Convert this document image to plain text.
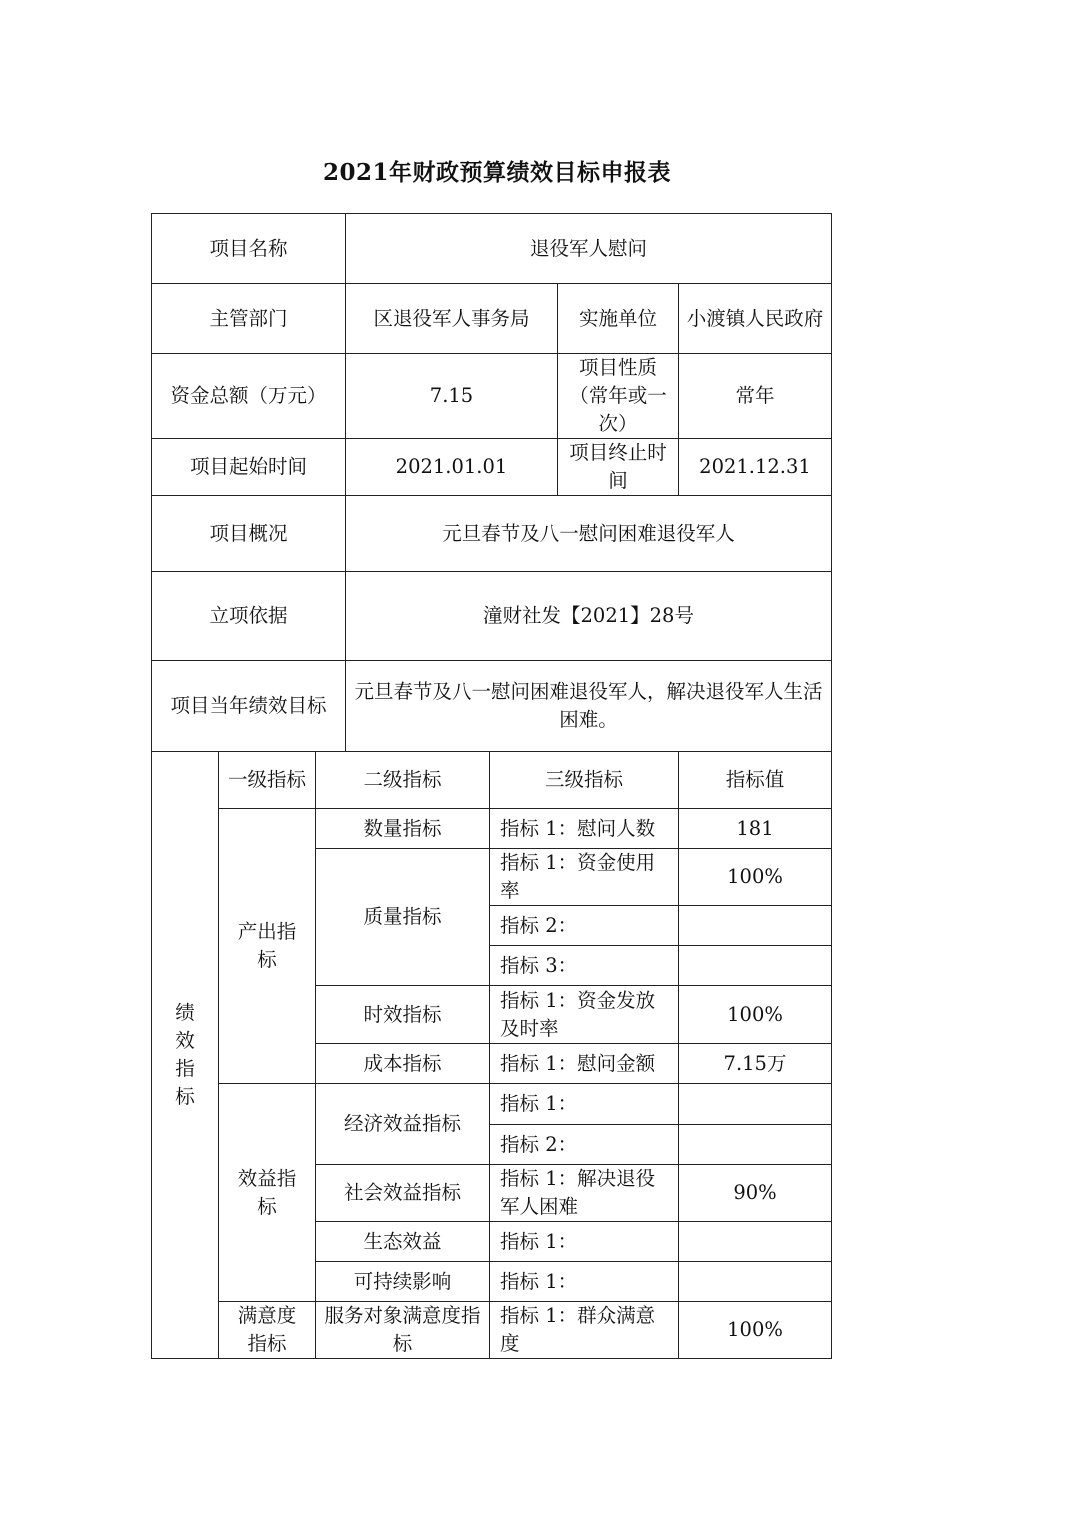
2021年财政预算绩效目标申报表
项目名称			退役军人慰问			
主管部门			区退役军人事务局		实施单位	小渡镇人民政府
资金总额（万元）			7.15		项目性质（常年或一次）	常年
项目起始时间			2021.01.01		项目终止时间	2021.12.31
项目概况			元旦春节及八一慰问困难退役军人			
立项依据			潼财社发【2021】28号			
项目当年绩效目标			元旦春节及八一慰问困难退役军人，解决退役军人生活困难。			
绩效指标	一级指标	二级指标		三级指标		指标值
	产出指标	数量指标		指标 1：慰问人数		181
		质量指标		指标 1：资金使用率		100%
				指标 2：		
				指标 3：		
		时效指标		指标 1：资金发放及时率		100%
		成本指标		指标 1：慰问金额		7.15万
	效益指标	经济效益指标		指标 1：		
				指标 2：		
		社会效益指标		指标 1：解决退役军人困难		90%
		生态效益		指标 1：		
		可持续影响		指标 1：		
	满意度指标	服务对象满意度指标		指标 1：群众满意度		100%
